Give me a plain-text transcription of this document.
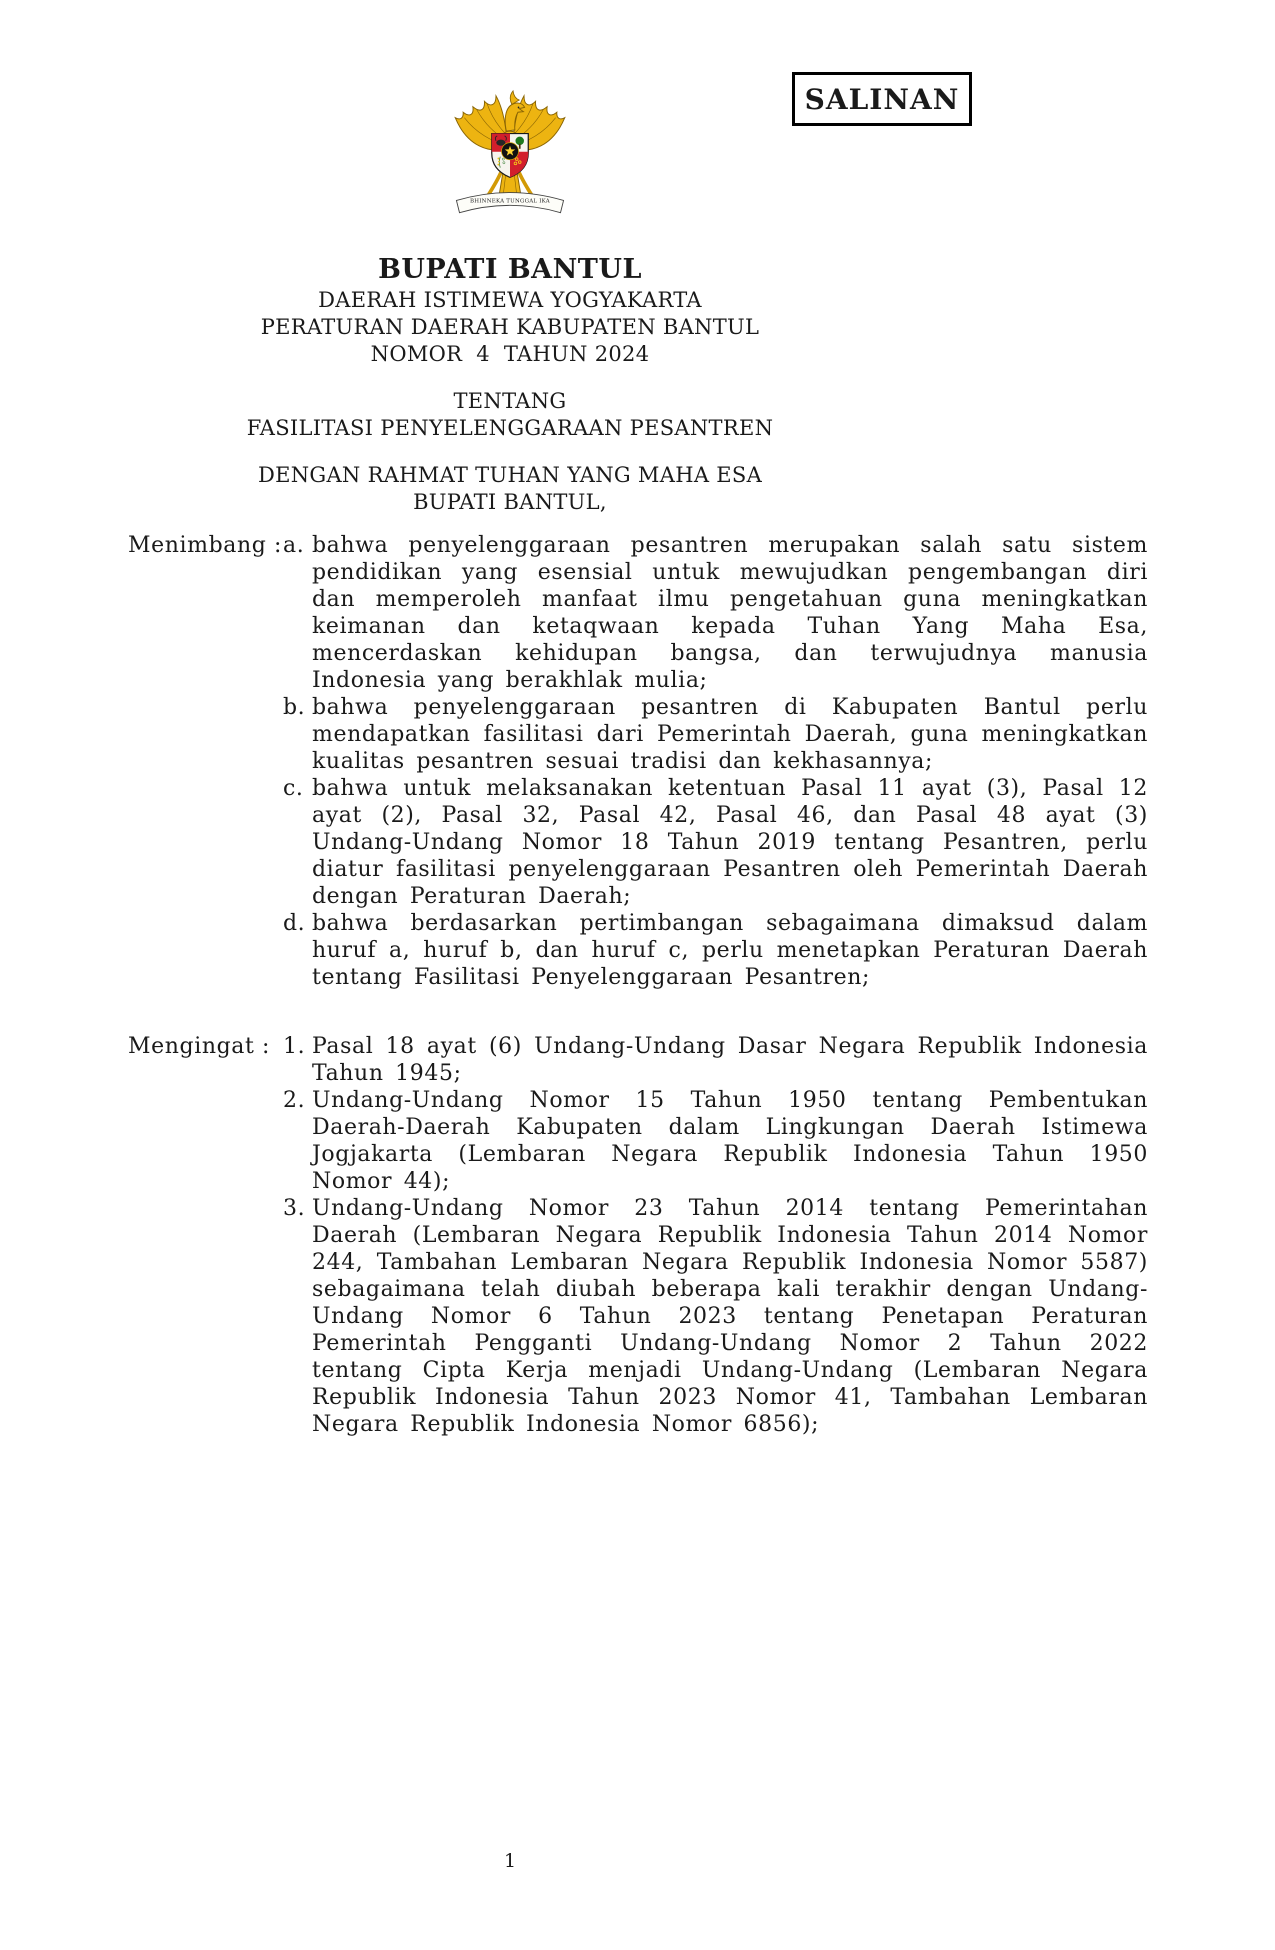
SALINAN
BHINNEKA TUNGGAL IKA
BUPATI BANTUL
DAERAH ISTIMEWA YOGYAKARTA
PERATURAN DAERAH KABUPATEN BANTUL
NOMOR  4  TAHUN 2024
TENTANG
FASILITASI PENYELENGGARAAN PESANTREN
DENGAN RAHMAT TUHAN YANG MAHA ESA
BUPATI BANTUL,
Menimbang : a. bahwa penyelenggaraan pesantren merupakan salah satu sistem pendidikan yang esensial untuk mewujudkan pengembangan diri dan memperoleh manfaat ilmu pengetahuan guna meningkatkan keimanan dan ketaqwaan kepada Tuhan Yang Maha Esa, mencerdaskan kehidupan bangsa, dan terwujudnya manusia Indonesia yang berakhlak mulia;
b. bahwa penyelenggaraan pesantren di Kabupaten Bantul perlu mendapatkan fasilitasi dari Pemerintah Daerah, guna meningkatkan kualitas pesantren sesuai tradisi dan kekhasannya;
c. bahwa untuk melaksanakan ketentuan Pasal 11 ayat (3), Pasal 12 ayat (2), Pasal 32, Pasal 42, Pasal 46, dan Pasal 48 ayat (3) Undang-Undang Nomor 18 Tahun 2019 tentang Pesantren, perlu diatur fasilitasi penyelenggaraan Pesantren oleh Pemerintah Daerah dengan Peraturan Daerah;
d. bahwa berdasarkan pertimbangan sebagaimana dimaksud dalam huruf a, huruf b, dan huruf c, perlu menetapkan Peraturan Daerah tentang Fasilitasi Penyelenggaraan Pesantren;
Mengingat : 1. Pasal 18 ayat (6) Undang-Undang Dasar Negara Republik Indonesia Tahun 1945;
2. Undang-Undang Nomor 15 Tahun 1950 tentang Pembentukan Daerah-Daerah Kabupaten dalam Lingkungan Daerah Istimewa Jogjakarta (Lembaran Negara Republik Indonesia Tahun 1950 Nomor 44);
3. Undang-Undang Nomor 23 Tahun 2014 tentang Pemerintahan Daerah (Lembaran Negara Republik Indonesia Tahun 2014 Nomor 244, Tambahan Lembaran Negara Republik Indonesia Nomor 5587) sebagaimana telah diubah beberapa kali terakhir dengan Undang-Undang Nomor 6 Tahun 2023 tentang Penetapan Peraturan Pemerintah Pengganti Undang-Undang Nomor 2 Tahun 2022 tentang Cipta Kerja menjadi Undang-Undang (Lembaran Negara Republik Indonesia Tahun 2023 Nomor 41, Tambahan Lembaran Negara Republik Indonesia Nomor 6856);
1
